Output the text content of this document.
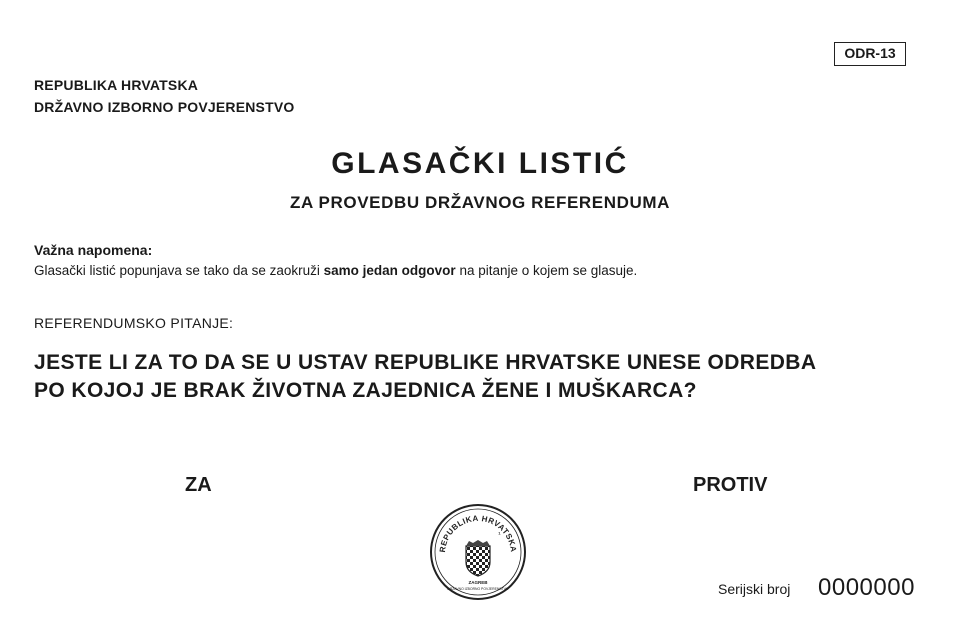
ODR-13
REPUBLIKA HRVATSKA
DRŽAVNO IZBORNO POVJERENSTVO
GLASAČKI LISTIĆ
ZA PROVEDBU DRŽAVNOG REFERENDUMA
Važna napomena:
Glasački listić popunjava se tako da se zaokruži samo jedan odgovor na pitanje o kojem se glasuje.
REFERENDUMSKO PITANJE:
JESTE LI ZA TO DA SE U USTAV REPUBLIKE HRVATSKE UNESE ODREDBA
PO KOJOJ JE BRAK ŽIVOTNA ZAJEDNICA ŽENE I MUŠKARCA?
ZA	PROTIV
REPUBLIKA HRVATSKA
¹
ZAGREB
DRŽAVNO IZBORNO POVJERENSTVO	Serijski broj 0000000
